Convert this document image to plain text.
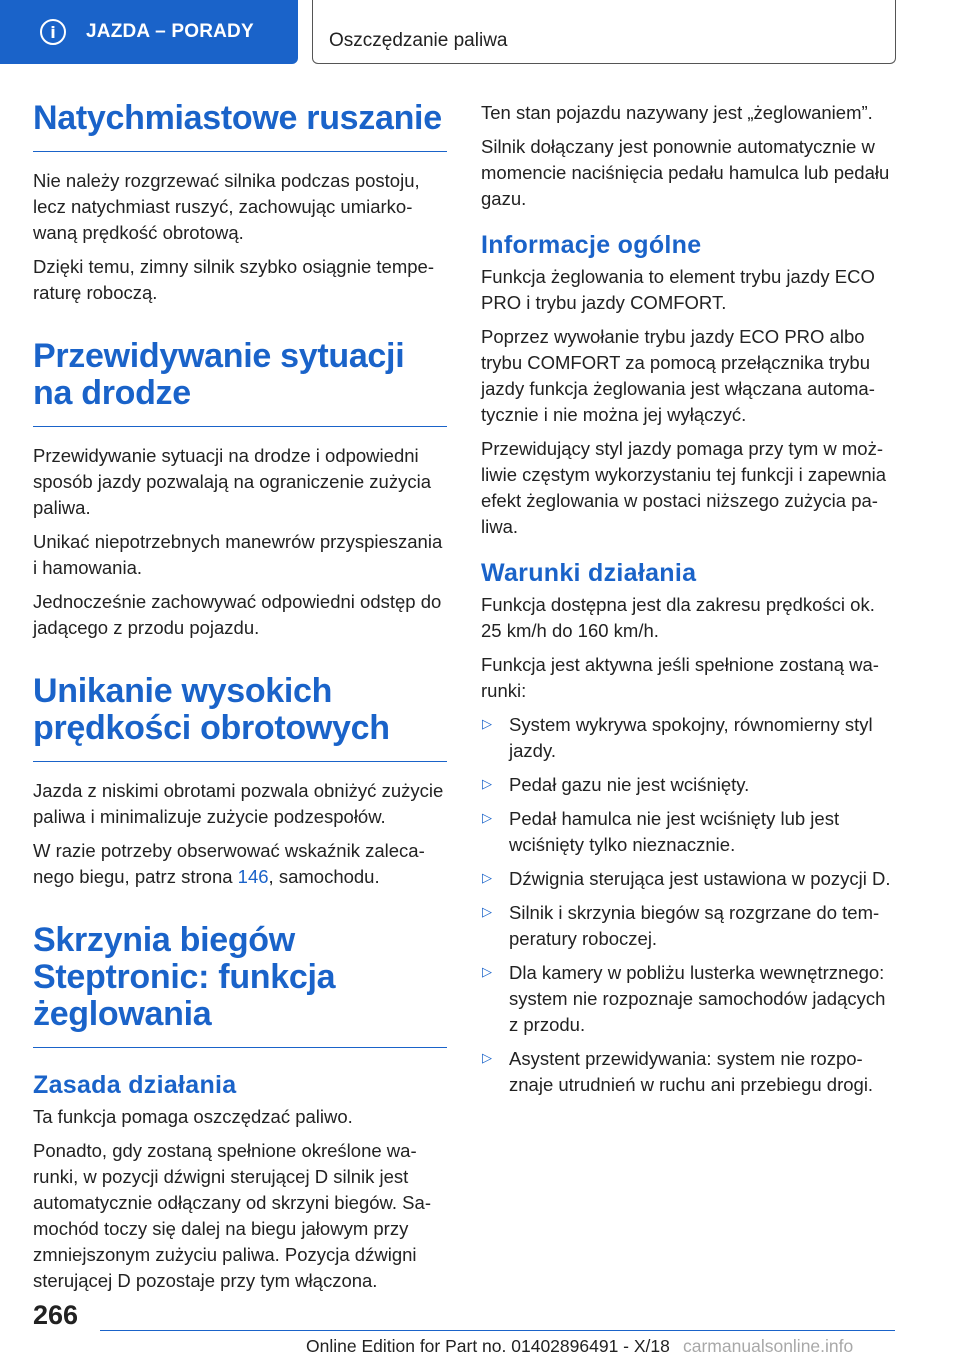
i	JAZDA – PORADY	Oszczędzanie paliwa
Natychmiastowe ruszanie

Nie należy rozgrzewać silnika podczas postoju, lecz natychmiast ruszyć, zachowując umiarkowaną prędkość obrotową.

Dzięki temu, zimny silnik szybko osiągnie temperaturę roboczą.

Przewidywanie sytuacji na drodze

Przewidywanie sytuacji na drodze i odpowiedni sposób jazdy pozwalają na ograniczenie zużycia paliwa.

Unikać niepotrzebnych manewrów przyspieszania i hamowania.

Jednocześnie zachowywać odpowiedni odstęp do jadącego z przodu pojazdu.

Unikanie wysokich prędkości obrotowych

Jazda z niskimi obrotami pozwala obniżyć zużycie paliwa i minimalizuje zużycie podzespołów.

W razie potrzeby obserwować wskaźnik zalecanego biegu, patrz strona 146, samochodu.

Skrzynia biegów Steptronic: funkcja żeglowania
Zasada działania

Ta funkcja pomaga oszczędzać paliwo.

Ponadto, gdy zostaną spełnione określone warunki, w pozycji dźwigni sterującej D silnik jest automatycznie odłączany od skrzyni biegów. Samochód toczy się dalej na biegu jałowym przy zmniejszonym zużyciu paliwa. Pozycja dźwigni sterującej D pozostaje przy tym włączona.

Ten stan pojazdu nazywany jest „żeglowaniem”.

Silnik dołączany jest ponownie automatycznie w momencie naciśnięcia pedału hamulca lub pedału gazu.

Informacje ogólne

Funkcja żeglowania to element trybu jazdy ECO PRO i trybu jazdy COMFORT.

Poprzez wywołanie trybu jazdy ECO PRO albo trybu COMFORT za pomocą przełącznika trybu jazdy funkcja żeglowania jest włączana automatycznie i nie można jej wyłączyć.

Przewidujący styl jazdy pomaga przy tym w możliwie częstym wykorzystaniu tej funkcji i zapewnia efekt żeglowania w postaci niższego zużycia paliwa.

Warunki działania

Funkcja dostępna jest dla zakresu prędkości ok. 25 km/h do 160 km/h.

Funkcja jest aktywna jeśli spełnione zostaną warunki:

▷ System wykrywa spokojny, równomierny styl jazdy.
▷ Pedał gazu nie jest wciśnięty.
▷ Pedał hamulca nie jest wciśnięty lub jest wciśnięty tylko nieznacznie.
▷ Dźwignia sterująca jest ustawiona w pozycji D.
▷ Silnik i skrzynia biegów są rozgrzane do temperatury roboczej.
▷ Dla kamery w pobliżu lusterka wewnętrznego: system nie rozpoznaje samochodów jadących z przodu.
▷ Asystent przewidywania: system nie rozpoznaje utrudnień w ruchu ani przebiegu drogi.
266
Online Edition for Part no. 01402896491 - X/18 carmanualsonline.info
